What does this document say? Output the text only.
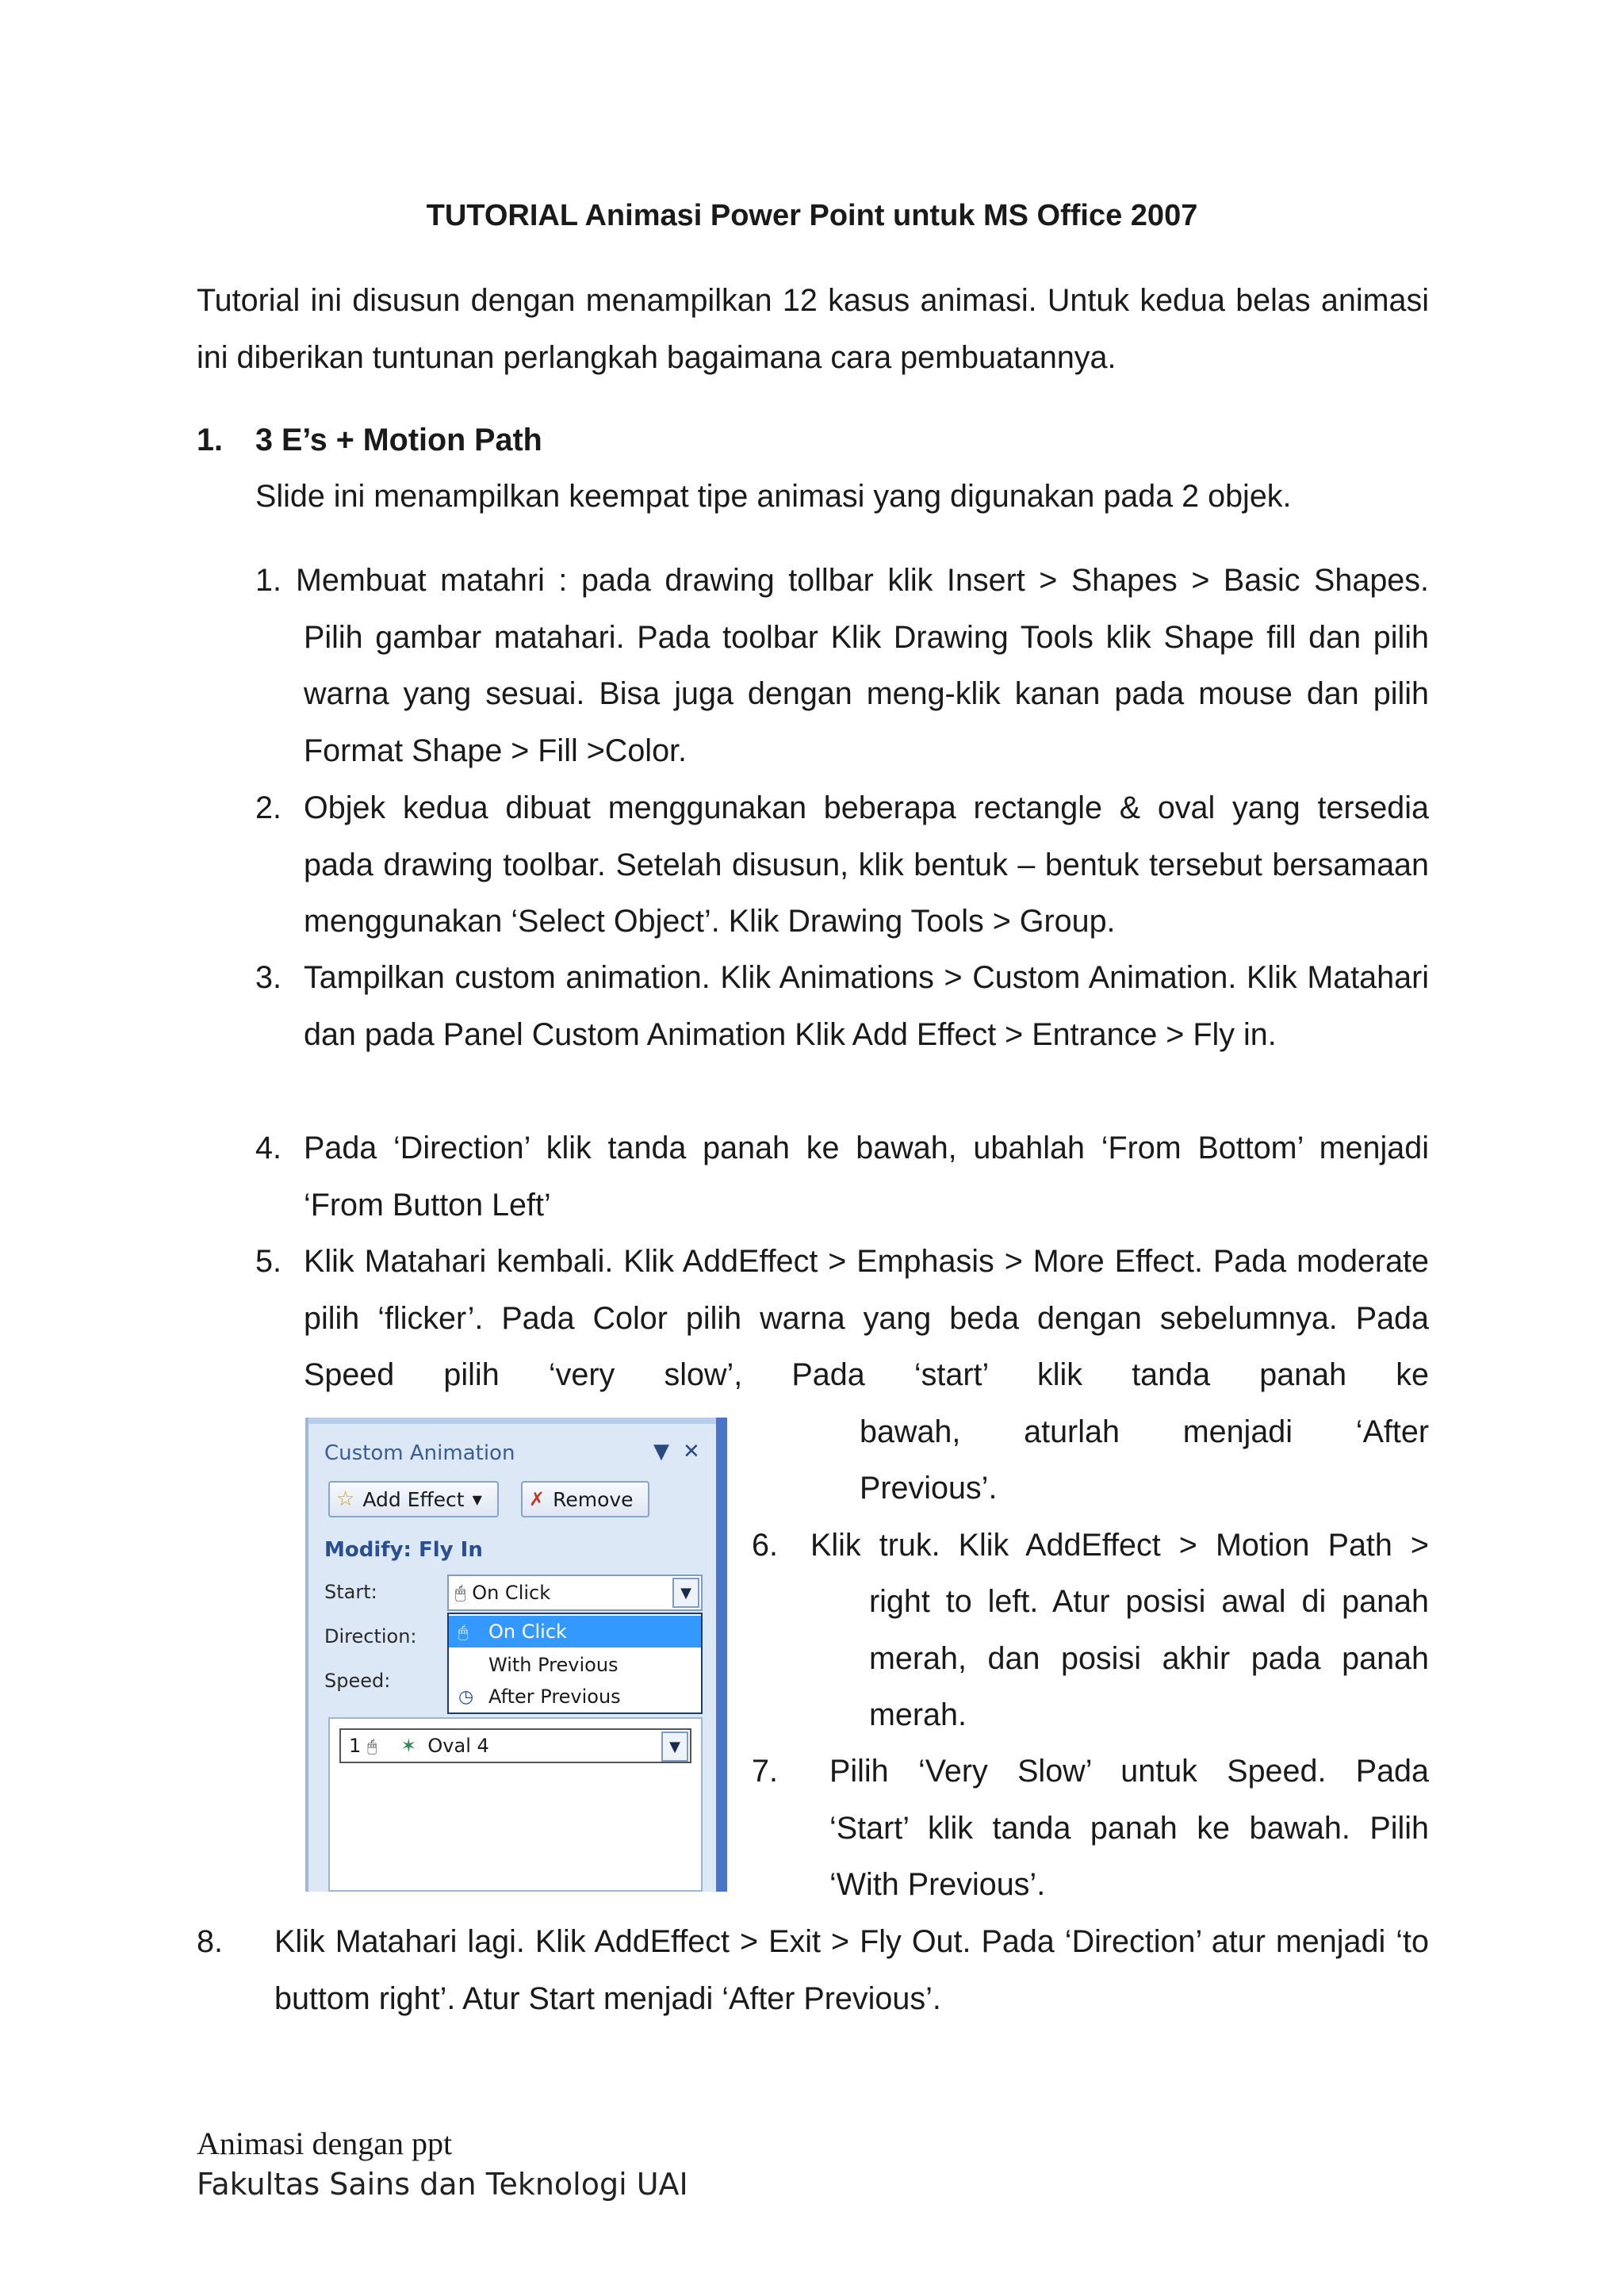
TUTORIAL Animasi Power Point untuk MS Office 2007
Tutorial ini disusun dengan menampilkan 12 kasus animasi. Untuk kedua belas animasi ini diberikan tuntunan perlangkah bagaimana cara pembuatannya.
1. 3 E’s + Motion Path
Slide ini menampilkan keempat tipe animasi yang digunakan pada 2 objek.
1. Membuat matahri : pada drawing tollbar klik Insert > Shapes > Basic Shapes. Pilih gambar matahari. Pada toolbar Klik Drawing Tools klik Shape fill dan pilih warna yang sesuai. Bisa juga dengan meng-klik kanan pada mouse dan pilih Format Shape > Fill >Color.
2. Objek kedua dibuat menggunakan beberapa rectangle & oval yang tersedia pada drawing toolbar. Setelah disusun, klik bentuk – bentuk tersebut bersamaan menggunakan ‘Select Object’. Klik Drawing Tools > Group.
3. Tampilkan custom animation. Klik Animations > Custom Animation. Klik Matahari dan pada Panel Custom Animation Klik Add Effect > Entrance > Fly in.
4. Pada ‘Direction’ klik tanda panah ke bawah, ubahlah ‘From Bottom’ menjadi ‘From Button Left’
5. Klik Matahari kembali. Klik AddEffect > Emphasis > More Effect. Pada moderate pilih ‘flicker’. Pada Color pilih warna yang beda dengan sebelumnya. Pada Speed pilih ‘very slow’, Pada ‘start’ klik tanda panah ke
bawah, aturlah menjadi ‘After
Previous’.
6. Klik truk. Klik AddEffect > Motion Path >
right to left. Atur posisi awal di panah
merah, dan posisi akhir pada panah
merah.
7. Pilih ‘Very Slow’ untuk Speed. Pada
‘Start’ klik tanda panah ke bawah. Pilih
‘With Previous’.
8. Klik Matahari lagi. Klik AddEffect > Exit > Fly Out. Pada ‘Direction’ atur menjadi ‘to buttom right’. Atur Start menjadi ‘After Previous’.
Custom Animation	▼ ✕
☆ Add Effect ▼ ✗ Remove
Modify: Fly In
Start:
Direction:
Speed:
🖱 On Click	▼
🖱 On Click
With Previous
◷ After Previous
1 🖱 ✶ Oval 4	▼
Animasi dengan ppt
Fakultas Sains dan Teknologi UAI
